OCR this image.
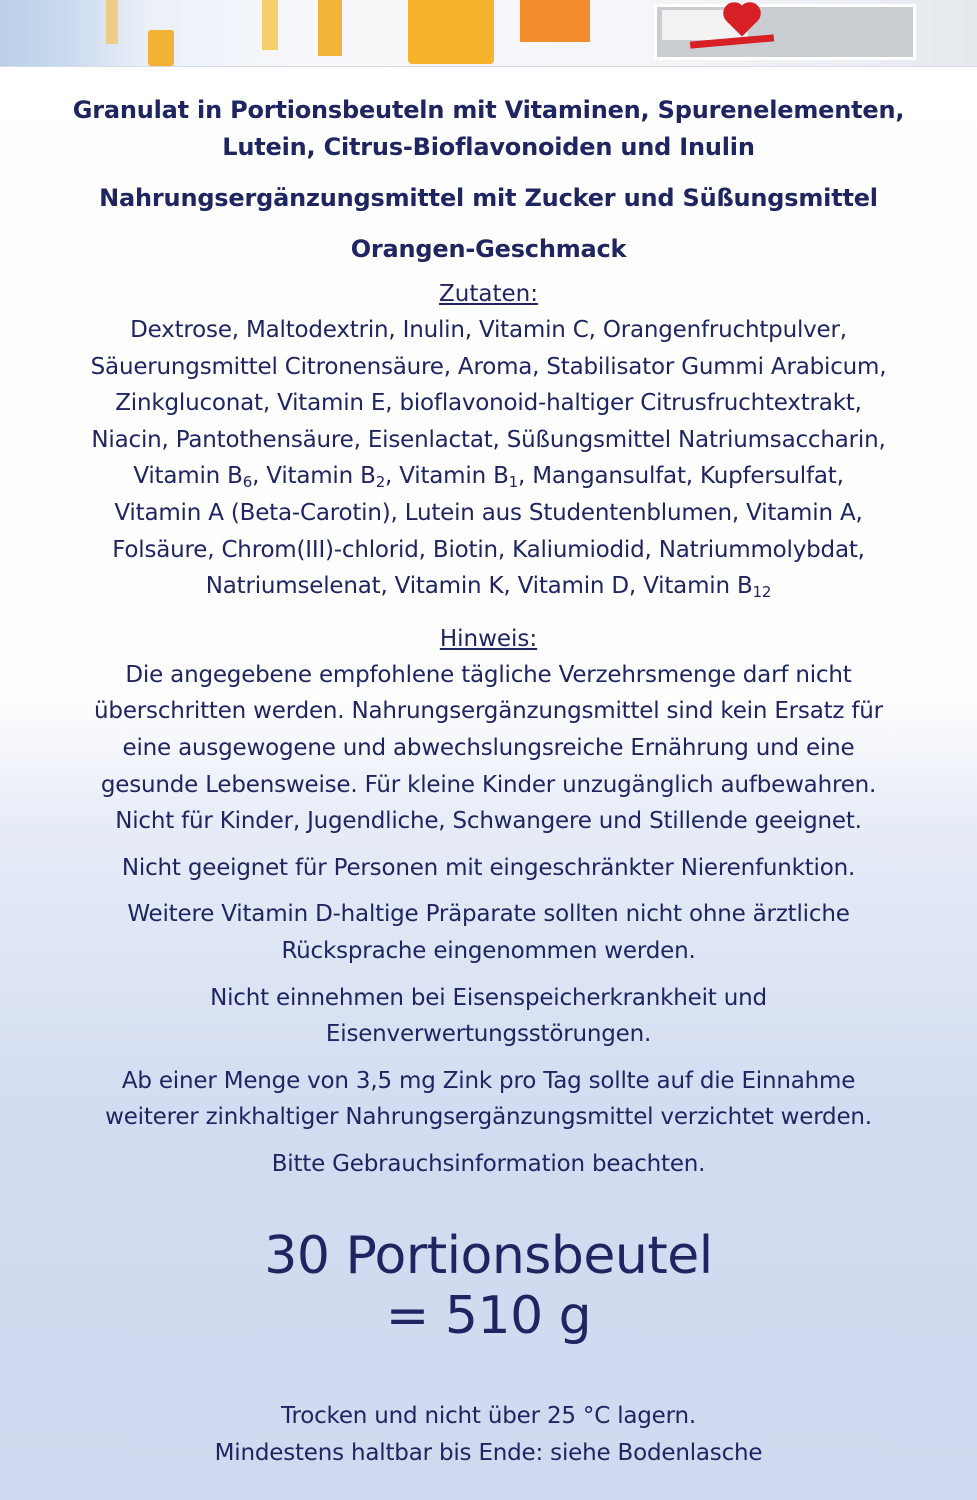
Granulat in Portionsbeuteln mit Vitaminen, Spurenelementen,

Lutein, Citrus-Bioflavonoiden und Inulin

Nahrungsergänzungsmittel mit Zucker und Süßungsmittel

Orangen-Geschmack

Zutaten:

Dextrose, Maltodextrin, Inulin, Vitamin C, Orangenfruchtpulver,

Säuerungsmittel Citronensäure, Aroma, Stabilisator Gummi Arabicum,

Zinkgluconat, Vitamin E, bioflavonoid-haltiger Citrusfruchtextrakt,

Niacin, Pantothensäure, Eisenlactat, Süßungsmittel Natriumsaccharin,

Vitamin $B_6$, Vitamin $B_2$, Vitamin $B_1$, Mangansulfat, Kupfersulfat,

Vitamin A (Beta-Carotin), Lutein aus Studentenblumen, Vitamin A,

Folsäure, Chrom(III)-chlorid, Biotin, Kaliumiodid, Natriummolybdat,

Natriumselenat, Vitamin K, Vitamin D, Vitamin $B_{12}$

Hinweis:

Die angegebene empfohlene tägliche Verzehrsmenge darf nicht

überschritten werden. Nahrungsergänzungsmittel sind kein Ersatz für

eine ausgewogene und abwechslungsreiche Ernährung und eine

gesunde Lebensweise. Für kleine Kinder unzugänglich aufbewahren.

Nicht für Kinder, Jugendliche, Schwangere und Stillende geeignet.

Nicht geeignet für Personen mit eingeschränkter Nierenfunktion.

Weitere Vitamin D-haltige Präparate sollten nicht ohne ärztliche

Rücksprache eingenommen werden.

Nicht einnehmen bei Eisenspeicherkrankheit und

Eisenverwertungsstörungen.

Ab einer Menge von 3,5 mg Zink pro Tag sollte auf die Einnahme

weiterer zinkhaltiger Nahrungsergänzungsmittel verzichtet werden.

Bitte Gebrauchsinformation beachten.

30 Portionsbeutel

= 510 g

Trocken und nicht über 25 °C lagern.

Mindestens haltbar bis Ende: siehe Bodenlasche
